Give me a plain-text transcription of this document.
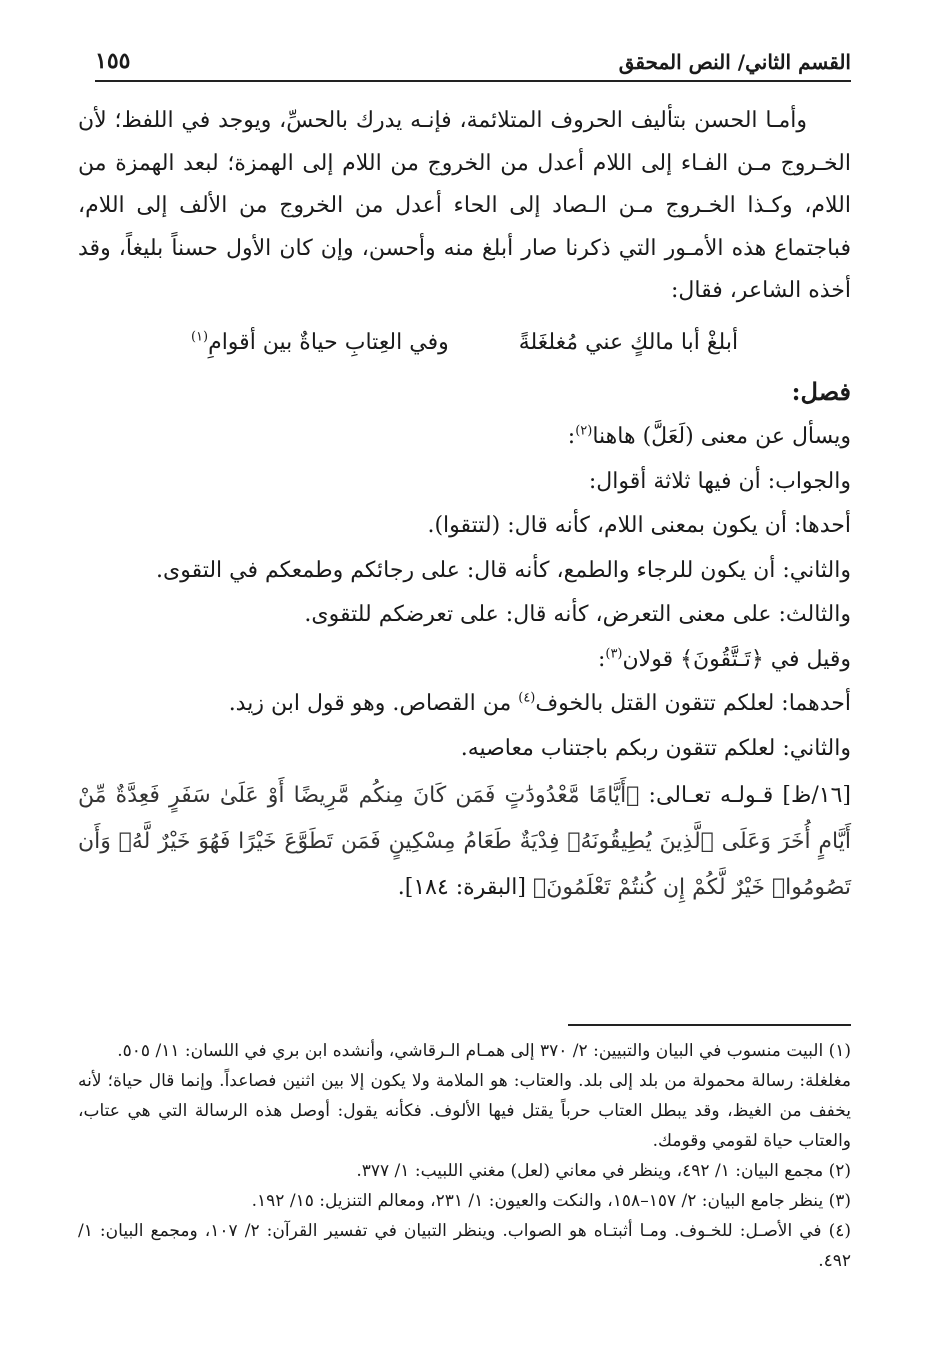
القسم الثاني/ النص المحقق
١٥٥

وأمـا الحسن بتأليف الحروف المتلائمة، فإنـه يدرك بالحسِّ، ويوجد في اللفظ؛ لأن الخـروج مـن الفـاء إلى اللام أعدل من الخروج من اللام إلى الهمزة؛ لبعد الهمزة من اللام، وكـذا الخـروج مـن الـصاد إلى الحاء أعدل من الخروج من الألف إلى اللام، فباجتماع هذه الأمـور التي ذكرنا صار أبلغ منه وأحسن، وإن كان الأول حسناً بليغاً، وقد أخذه الشاعر، فقال:

أبلغْ أبا مالكٍ عني مُغلغَلةً
وفي العِتابِ حياةٌ بين أقوامِ$^{(١)}$
فصل:

ويسأل عن معنى (لَعَلَّ) هاهنا$^{(٢)}$:

والجواب: أن فيها ثلاثة أقوال:

أحدها: أن يكون بمعنى اللام، كأنه قال: (لتتقوا).

والثاني: أن يكون للرجاء والطمع، كأنه قال: على رجائكم وطمعكم في التقوى.

والثالث: على معنى التعرض، كأنه قال: على تعرضكم للتقوى.

وقيل في ﴿تَـتَّقُونَ﴾ قولان$^{(٣)}$:

أحدهما: لعلكم تتقون القتل بالخوف$^{(٤)}$ من القصاص. وهو قول ابن زيد.

والثاني: لعلكم تتقون ربكم باجتناب معاصيه.

[١٦/ظ] قـولـه تعـالى: ﴿أَيَّامًا مَّعْدُودَٰتٍ فَمَن كَانَ مِنكُم مَّرِيضًا أَوْ عَلَىٰ سَفَرٍ فَعِدَّةٌ مِّنْ أَيَّامٍ أُخَرَ وَعَلَى ٱلَّذِينَ يُطِيقُونَهُۥ فِدْيَةٌ طَعَامُ مِسْكِينٍ فَمَن تَطَوَّعَ خَيْرًا فَهُوَ خَيْرٌ لَّهُۥ وَأَن تَصُومُوا۟ خَيْرٌ لَّكُمْ إِن كُنتُمْ تَعْلَمُونَ﴾ [البقرة: ١٨٤].

(١) البيت منسوب في البيان والتبيين: ٢/ ٣٧٠ إلى همـام الـرقاشي، وأنشده ابن بري في اللسان: ١١/ ٥٠٥.

مغلغلة: رسالة محمولة من بلد إلى بلد. والعتاب: هو الملامة ولا يكون إلا بين اثنين فصاعداً. وإنما قال حياة؛ لأنه يخفف من الغيظ، وقد يبطل العتاب حرباً يقتل فيها الألوف. فكأنه يقول: أوصل هذه الرسالة التي هي عتاب، والعتاب حياة لقومي وقومك.

(٢) مجمع البيان: ١/ ٤٩٢، وينظر في معاني (لعل) مغني اللبيب: ١/ ٣٧٧.

(٣) ينظر جامع البيان: ٢/ ١٥٧–١٥٨، والنكت والعيون: ١/ ٢٣١، ومعالم التنزيل: ١٥/ ١٩٢.

(٤) في الأصـل: للخـوف. ومـا أثبتـاه هو الصواب. وينظر التبيان في تفسير القرآن: ٢/ ١٠٧، ومجمع البيان: ١/ ٤٩٢.
